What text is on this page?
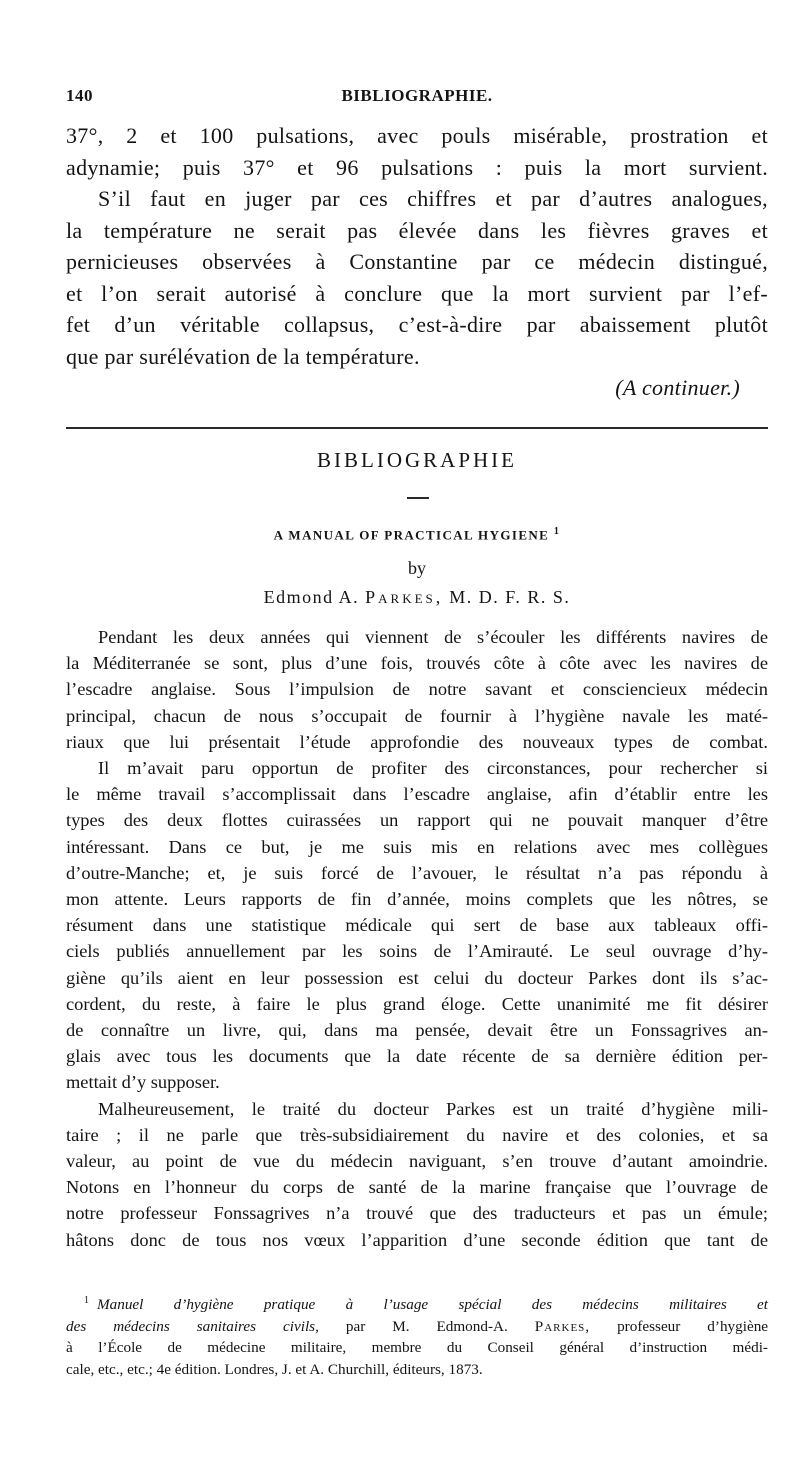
140	BIBLIOGRAPHIE.

37°, 2 et 100 pulsations, avec pouls misérable, prostration et

adynamie; puis 37° et 96 pulsations : puis la mort survient.

S’il faut en juger par ces chiffres et par d’autres analogues,

la température ne serait pas élevée dans les fièvres graves et

pernicieuses observées à Constantine par ce médecin distingué,

et l’on serait autorisé à conclure que la mort survient par l’ef-

fet d’un véritable collapsus, c’est-à-dire par abaissement plutôt

que par surélévation de la température.

(A continuer.)

BIBLIOGRAPHIE
A MANUAL OF PRACTICAL HYGIENE $^1$
by
Edmond A. Parkes, M. D. F. R. S.

Pendant les deux années qui viennent de s’écouler les différents navires de

la Méditerranée se sont, plus d’une fois, trouvés côte à côte avec les navires de

l’escadre anglaise. Sous l’impulsion de notre savant et consciencieux médecin

principal, chacun de nous s’occupait de fournir à l’hygiène navale les maté-

riaux que lui présentait l’étude approfondie des nouveaux types de combat.

Il m’avait paru opportun de profiter des circonstances, pour rechercher si

le même travail s’accomplissait dans l’escadre anglaise, afin d’établir entre les

types des deux flottes cuirassées un rapport qui ne pouvait manquer d’être

intéressant. Dans ce but, je me suis mis en relations avec mes collègues

d’outre-Manche; et, je suis forcé de l’avouer, le résultat n’a pas répondu à

mon attente. Leurs rapports de fin d’année, moins complets que les nôtres, se

résument dans une statistique médicale qui sert de base aux tableaux offi-

ciels publiés annuellement par les soins de l’Amirauté. Le seul ouvrage d’hy-

giène qu’ils aient en leur possession est celui du docteur Parkes dont ils s’ac-

cordent, du reste, à faire le plus grand éloge. Cette unanimité me fit désirer

de connaître un livre, qui, dans ma pensée, devait être un Fonssagrives an-

glais avec tous les documents que la date récente de sa dernière édition per-

mettait d’y supposer.

Malheureusement, le traité du docteur Parkes est un traité d’hygiène mili-

taire ; il ne parle que très-subsidiairement du navire et des colonies, et sa

valeur, au point de vue du médecin naviguant, s’en trouve d’autant amoindrie.

Notons en l’honneur du corps de santé de la marine française que l’ouvrage de

notre professeur Fonssagrives n’a trouvé que des traducteurs et pas un émule;

hâtons donc de tous nos vœux l’apparition d’une seconde édition que tant de

$^1$ Manuel d’hygiène pratique à l’usage spécial des médecins militaires et

des médecins sanitaires civils, par M. Edmond-A. Parkes, professeur d’hygiène

à l’École de médecine militaire, membre du Conseil général d’instruction médi-

cale, etc., etc.; 4e édition. Londres, J. et A. Churchill, éditeurs, 1873.
